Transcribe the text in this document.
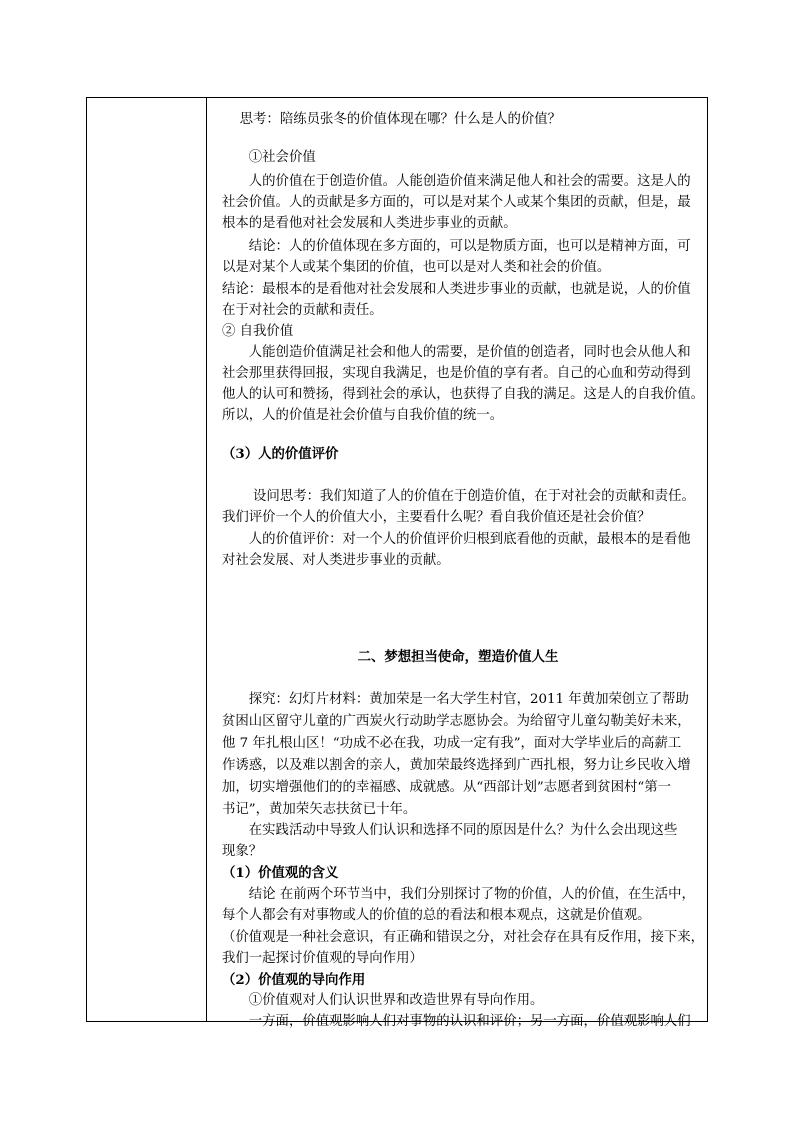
　 思考：陪练员张冬的价值体现在哪？什么是人的价值？
　　①社会价值
　　人的价值在于创造价值。人能创造价值来满足他人和社会的需要。这是人的
社会价值。人的贡献是多方面的，可以是对某个人或某个集团的贡献，但是，最
根本的是看他对社会发展和人类进步事业的贡献。
　　结论：人的价值体现在多方面的，可以是物质方面，也可以是精神方面，可
以是对某个人或某个集团的价值，也可以是对人类和社会的价值。
结论：最根本的是看他对社会发展和人类进步事业的贡献，也就是说，人的价值
在于对社会的贡献和责任。
② 自我价值
　　人能创造价值满足社会和他人的需要，是价值的创造者，同时也会从他人和
社会那里获得回报，实现自我满足，也是价值的享有者。自己的心血和劳动得到
他人的认可和赞扬，得到社会的承认，也获得了自我的满足。这是人的自我价值。
所以，人的价值是社会价值与自我价值的统一。
（3）人的价值评价
　　 设问思考：我们知道了人的价值在于创造价值，在于对社会的贡献和责任。
我们评价一个人的价值大小，主要看什么呢？看自我价值还是社会价值？
　　人的价值评价：对一个人的价值评价归根到底看他的贡献，最根本的是看他
对社会发展、对人类进步事业的贡献。
二、梦想担当使命，塑造价值人生
　　探究：幻灯片材料：黄加荣是一名大学生村官，2011 年黄加荣创立了帮助
贫困山区留守儿童的广西炭火行动助学志愿协会。为给留守儿童勾勒美好未来，
他 7 年扎根山区！“功成不必在我，功成一定有我”，面对大学毕业后的高薪工
作诱惑，以及难以割舍的亲人，黄加荣最终选择到广西扎根，努力让乡民收入增
加，切实增强他们的的幸福感、成就感。从“西部计划”志愿者到贫困村“第一
书记”，黄加荣矢志扶贫已十年。
　　在实践活动中导致人们认识和选择不同的原因是什么？为什么会出现这些
现象？
（1）价值观的含义
　　结论 在前两个环节当中，我们分别探讨了物的价值，人的价值，在生活中，
每个人都会有对事物或人的价值的总的看法和根本观点，这就是价值观。
（价值观是一种社会意识，有正确和错误之分，对社会存在具有反作用，接下来，
我们一起探讨价值观的导向作用）
（2）价值观的导向作用
　　①价值观对人们认识世界和改造世界有导向作用。
　　一方面，价值观影响人们对事物的认识和评价；另一方面，价值观影响人们
